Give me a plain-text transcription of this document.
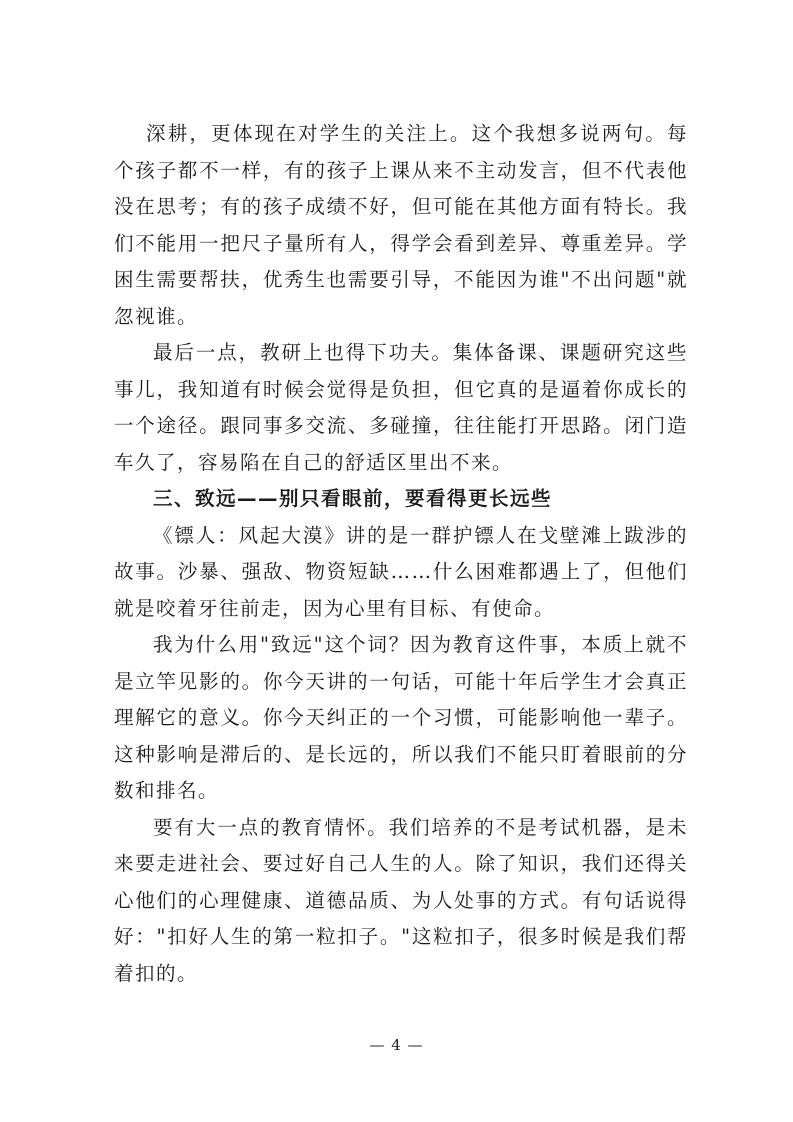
深耕，更体现在对学生的关注上。这个我想多说两句。每个孩子都不一样，有的孩子上课从来不主动发言，但不代表他没在思考；有的孩子成绩不好，但可能在其他方面有特长。我们不能用一把尺子量所有人，得学会看到差异、尊重差异。学困生需要帮扶，优秀生也需要引导，不能因为谁"不出问题"就忽视谁。

最后一点，教研上也得下功夫。集体备课、课题研究这些事儿，我知道有时候会觉得是负担，但它真的是逼着你成长的一个途径。跟同事多交流、多碰撞，往往能打开思路。闭门造车久了，容易陷在自己的舒适区里出不来。

三、致远——别只看眼前，要看得更长远些

《镖人：风起大漠》讲的是一群护镖人在戈壁滩上跋涉的故事。沙暴、强敌、物资短缺……什么困难都遇上了，但他们就是咬着牙往前走，因为心里有目标、有使命。

我为什么用"致远"这个词？因为教育这件事，本质上就不是立竿见影的。你今天讲的一句话，可能十年后学生才会真正理解它的意义。你今天纠正的一个习惯，可能影响他一辈子。这种影响是滞后的、是长远的，所以我们不能只盯着眼前的分数和排名。

要有大一点的教育情怀。我们培养的不是考试机器，是未来要走进社会、要过好自己人生的人。除了知识，我们还得关心他们的心理健康、道德品质、为人处事的方式。有句话说得好："扣好人生的第一粒扣子。"这粒扣子，很多时候是我们帮着扣的。

— 4 —
